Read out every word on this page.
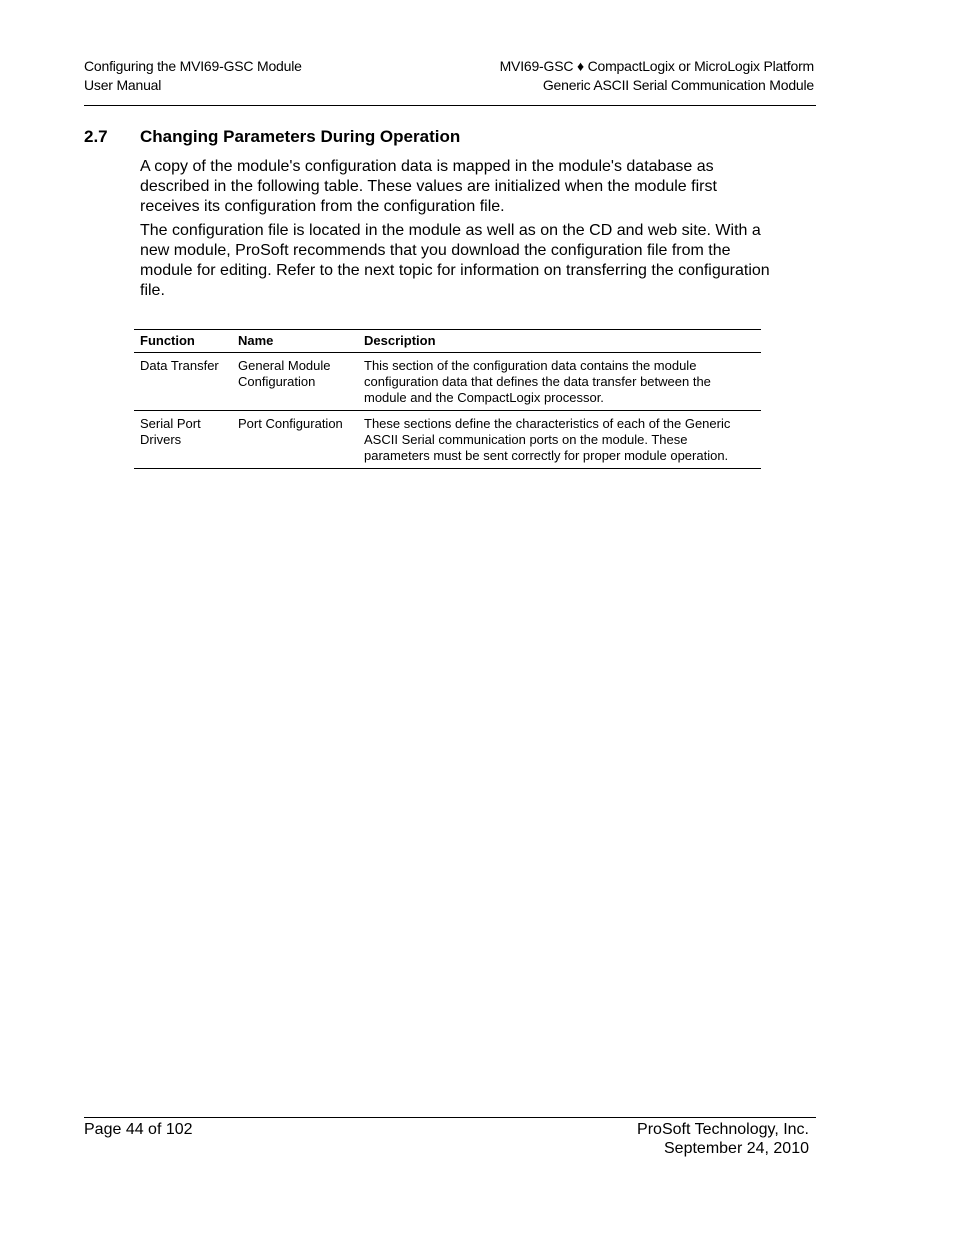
Configuring the MVI69-GSC Module
User Manual
MVI69-GSC ♦ CompactLogix or MicroLogix Platform
Generic ASCII Serial Communication Module
2.7 Changing Parameters During Operation

A copy of the module's configuration data is mapped in the module's database as described in the following table. These values are initialized when the module first receives its configuration from the configuration file.

The configuration file is located in the module as well as on the CD and web site. With a new module, ProSoft recommends that you download the configuration file from the module for editing. Refer to the next topic for information on transferring the configuration file.

Function	Name	Description
Data Transfer	General Module Configuration	This section of the configuration data contains the module configuration data that defines the data transfer between the module and the CompactLogix processor.
Serial Port Drivers	Port Configuration	These sections define the characteristics of each of the Generic ASCII Serial communication ports on the module. These parameters must be sent correctly for proper module operation.
Page 44 of 102	ProSoft Technology, Inc.
September 24, 2010
